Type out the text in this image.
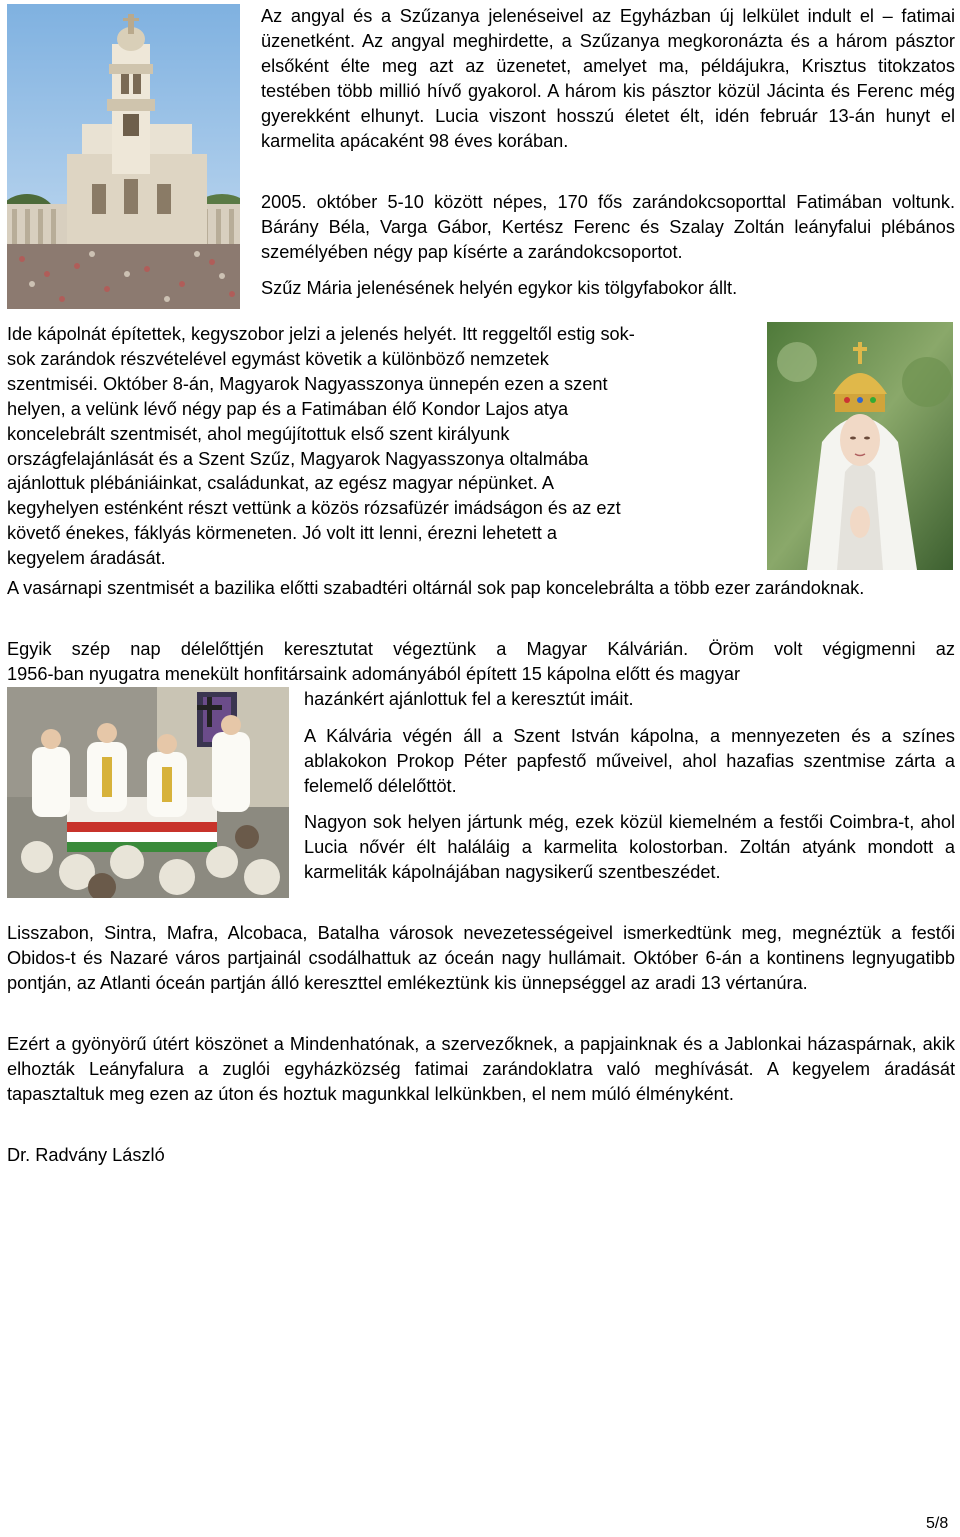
Az angyal és a Szűzanya jelenéseivel az Egyházban új lelkület indult el – fatimai üzenetként. Az angyal meghirdette, a Szűzanya megkoronázta és a három pásztor elsőként élte meg azt az üzenetet, amelyet ma, példájukra, Krisztus titokzatos testében több millió hívő gyakorol. A három kis pásztor közül Jácinta és Ferenc még gyerekként elhunyt. Lucia viszont hosszú életet élt, idén február 13-án hunyt el karmelita apácaként 98 éves korában.

2005. október 5-10 között népes, 170 fős zarándokcsoporttal Fatimában voltunk. Bárány Béla, Varga Gábor, Kertész Ferenc és Szalay Zoltán leányfalui plébános személyében négy pap kísérte a zarándokcsoportot.

Szűz Mária jelenésének helyén egykor kis tölgyfabokor állt.

Ide kápolnát építettek, kegyszobor jelzi a jelenés helyét. Itt reggeltől estig sok-
sok zarándok részvételével egymást követik a különböző nemzetek
szentmiséi. Október 8-án, Magyarok Nagyasszonya ünnepén ezen a szent
helyen, a velünk lévő négy pap és a Fatimában élő Kondor Lajos atya
koncelebrált szentmisét, ahol megújítottuk első szent királyunk
országfelajánlását és a Szent Szűz, Magyarok Nagyasszonya oltalmába
ajánlottuk plébániáinkat, családunkat, az egész magyar népünket. A
kegyhelyen esténként részt vettünk a közös rózsafüzér imádságon és az ezt
követő énekes, fáklyás körmeneten. Jó volt itt lenni, érezni lehetett a
kegyelem áradását.

A vasárnapi szentmisét a bazilika előtti szabadtéri oltárnál sok pap koncelebrálta a több ezer zarándoknak.

Egyik szép nap délelőttjén keresztutat végeztünk a Magyar Kálvárián. Öröm volt végigmenni az
1956-ban nyugatra menekült honfitársaink adományából épített 15 kápolna előtt és magyar
hazánkért ajánlottuk fel a keresztút imáit.

A Kálvária végén áll a Szent István kápolna, a mennyezeten és a színes ablakokon Prokop Péter papfestő műveivel, ahol hazafias szentmise zárta a felemelő délelőttöt.

Nagyon sok helyen jártunk még, ezek közül kiemelném a festői Coimbra-t, ahol Lucia nővér élt haláláig a karmelita kolostorban. Zoltán atyánk mondott a karmeliták kápolnájában nagysikerű szentbeszédet.

Lisszabon, Sintra, Mafra, Alcobaca, Batalha városok nevezetességeivel ismerkedtünk meg, megnéztük a festői Obidos-t és Nazaré város partjainál csodálhattuk az óceán nagy hullámait. Október 6-án a kontinens legnyugatibb pontján, az Atlanti óceán partján álló kereszttel emlékeztünk kis ünnepséggel az aradi 13 vértanúra.

Ezért a gyönyörű útért köszönet a Mindenhatónak, a szervezőknek, a papjainknak és a Jablonkai házaspárnak, akik elhozták Leányfalura a zuglói egyházközség fatimai zarándoklatra való meghívását. A kegyelem áradását tapasztaltuk meg ezen az úton és hoztuk magunkkal lelkünkben, el nem múló élményként.

Dr. Radvány László

5/8
